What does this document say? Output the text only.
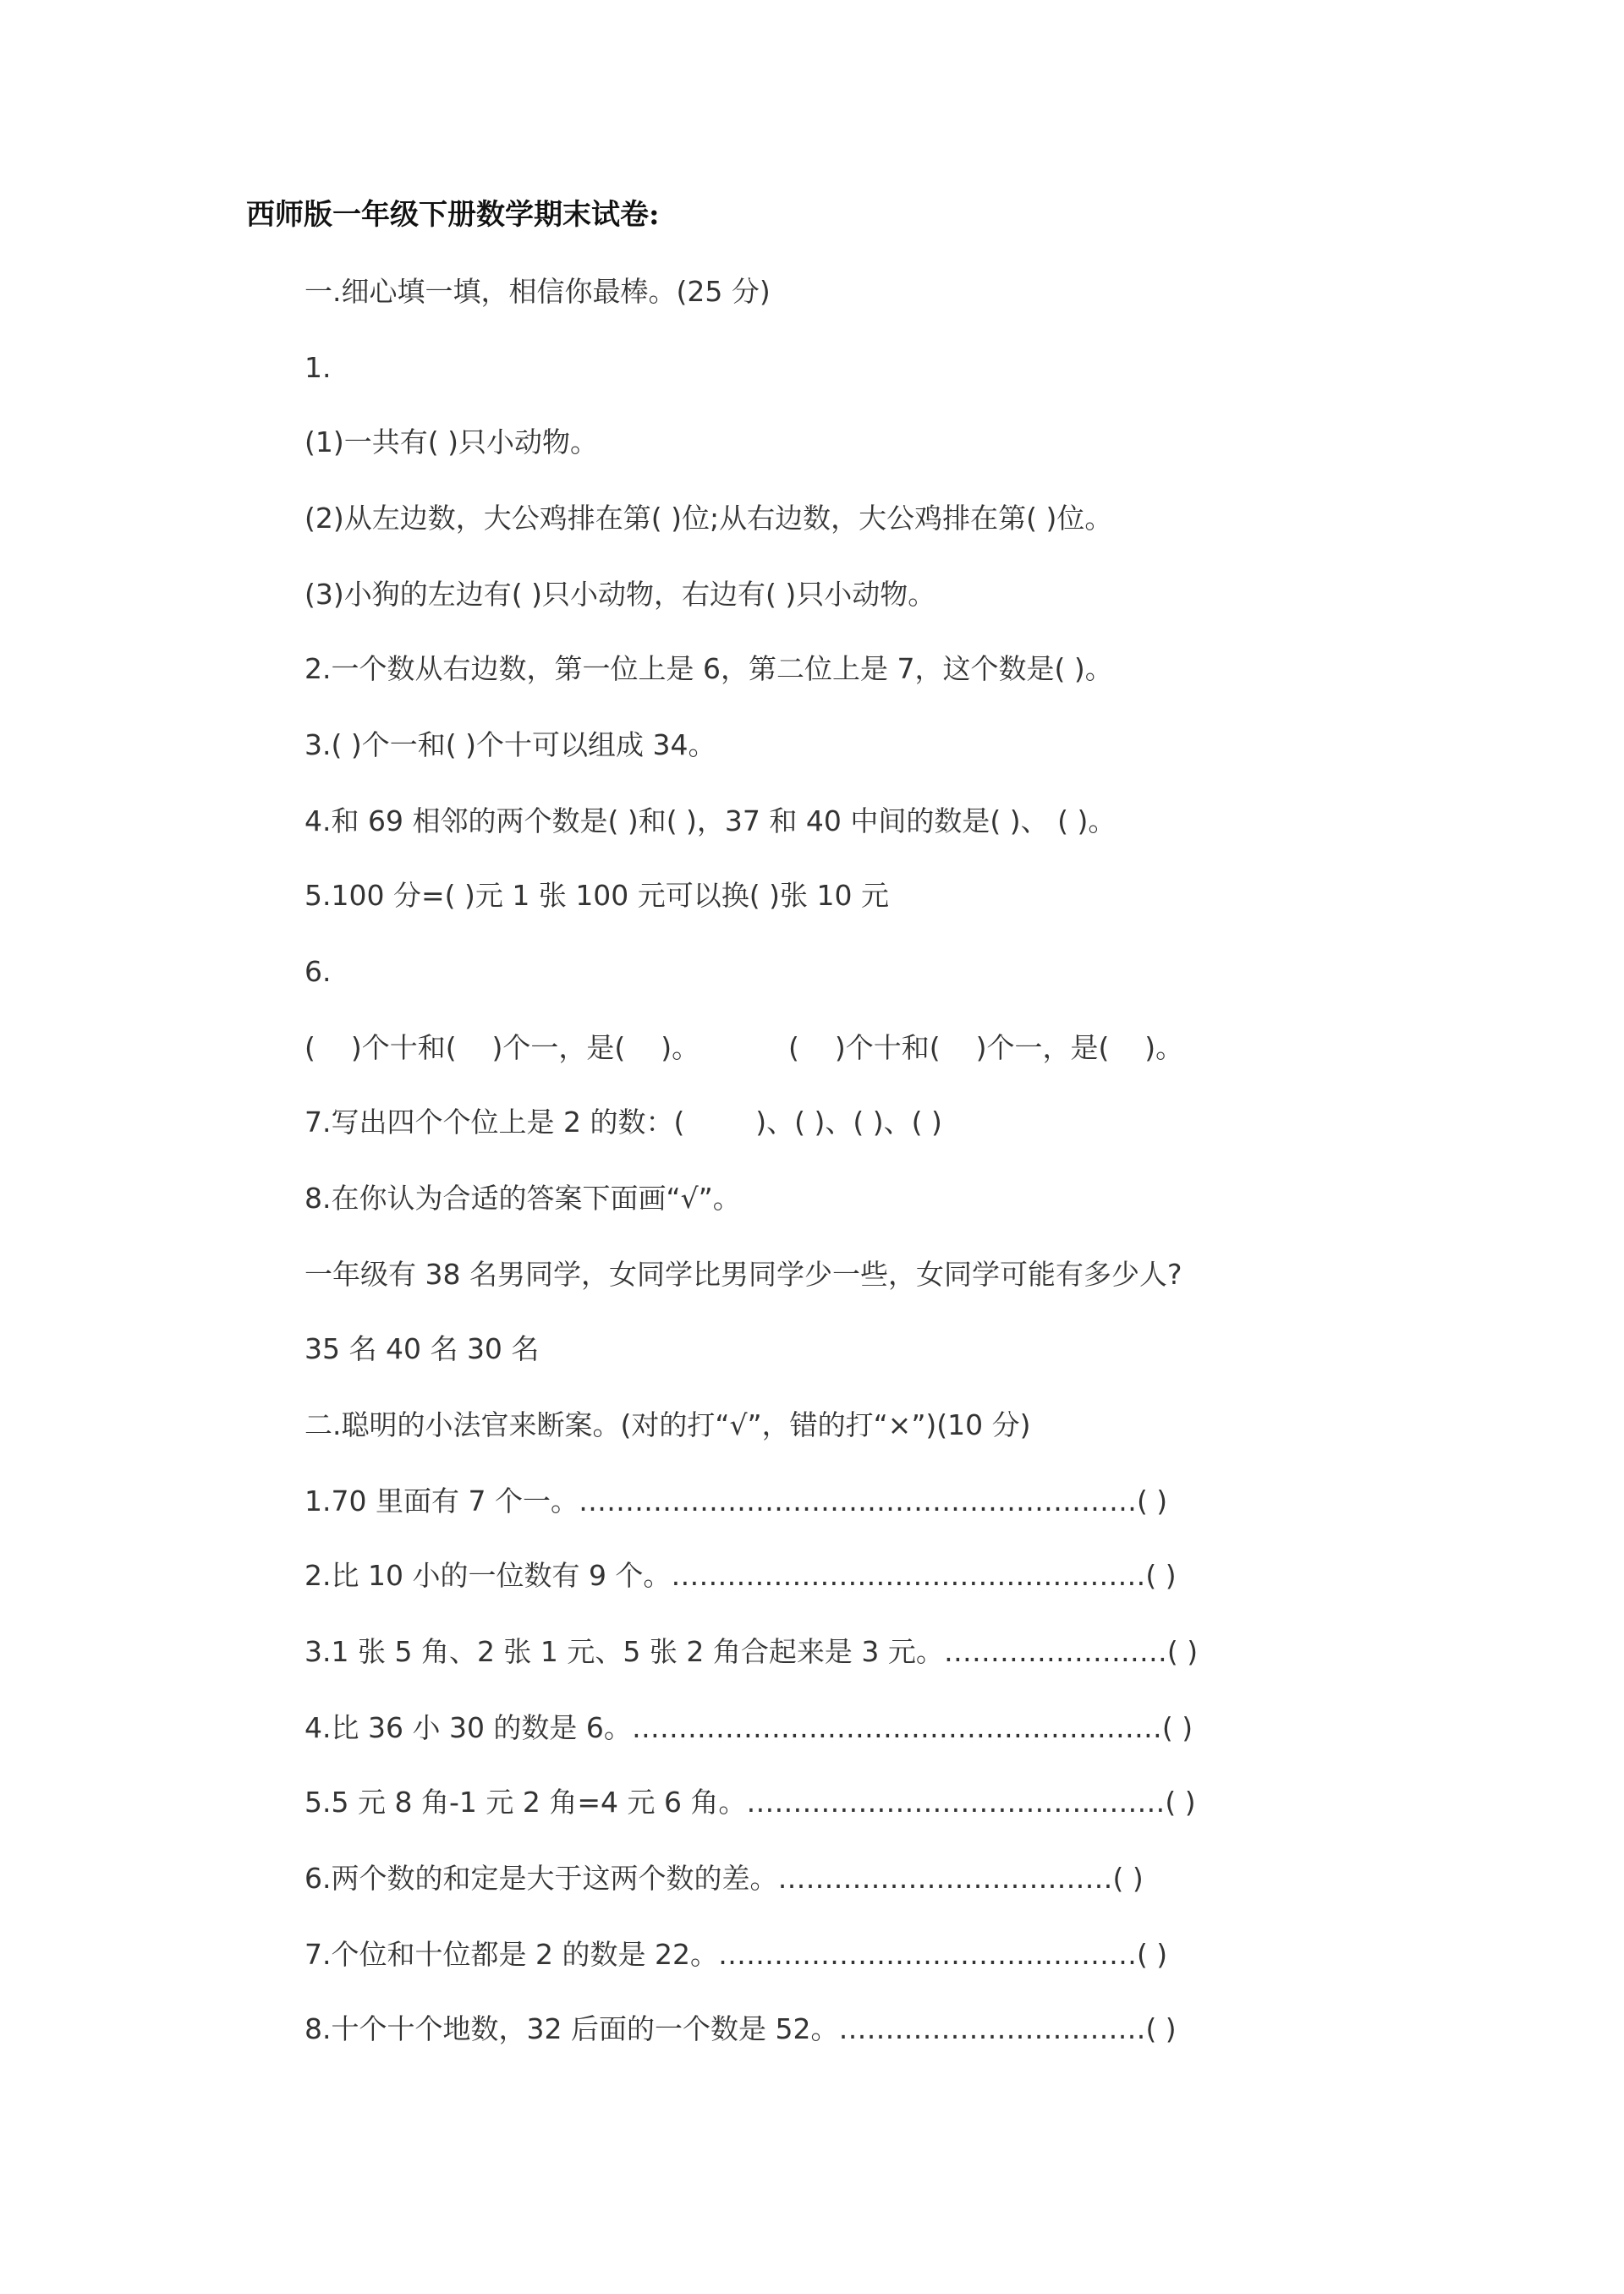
西师版一年级下册数学期末试卷:
一.细心填一填，相信你最棒。(25 分)
1.
(1)一共有( )只小动物。
(2)从左边数，大公鸡排在第( )位;从右边数，大公鸡排在第( )位。
(3)小狗的左边有( )只小动物，右边有( )只小动物。
2.一个数从右边数，第一位上是 6，第二位上是 7，这个数是( )。
3.( )个一和( )个十可以组成 34。
4.和 69 相邻的两个数是( )和( )，37 和 40 中间的数是( )、 ( )。
5.100 分=( )元 1 张 100 元可以换( )张 10 元
6.
(    )个十和(    )个一，是(    )。          (    )个十和(    )个一，是(    )。
7.写出四个个位上是 2 的数：(        )、( )、( )、( )
8.在你认为合适的答案下面画“√”。
一年级有 38 名男同学，女同学比男同学少一些，女同学可能有多少人?
35 名 40 名 30 名
二.聪明的小法官来断案。(对的打“√”，错的打“×”)(10 分)
1.70 里面有 7 个一。……………………………………………………( )
2.比 10 小的一位数有 9 个。……………………………………………( )
3.1 张 5 角、2 张 1 元、5 张 2 角合起来是 3 元。……………………( )
4.比 36 小 30 的数是 6。…………………………………………………( )
5.5 元 8 角-1 元 2 角=4 元 6 角。………………………………………( )
6.两个数的和定是大于这两个数的差。………………………………( )
7.个位和十位都是 2 的数是 22。………………………………………( )
8.十个十个地数，32 后面的一个数是 52。……………………………( )
